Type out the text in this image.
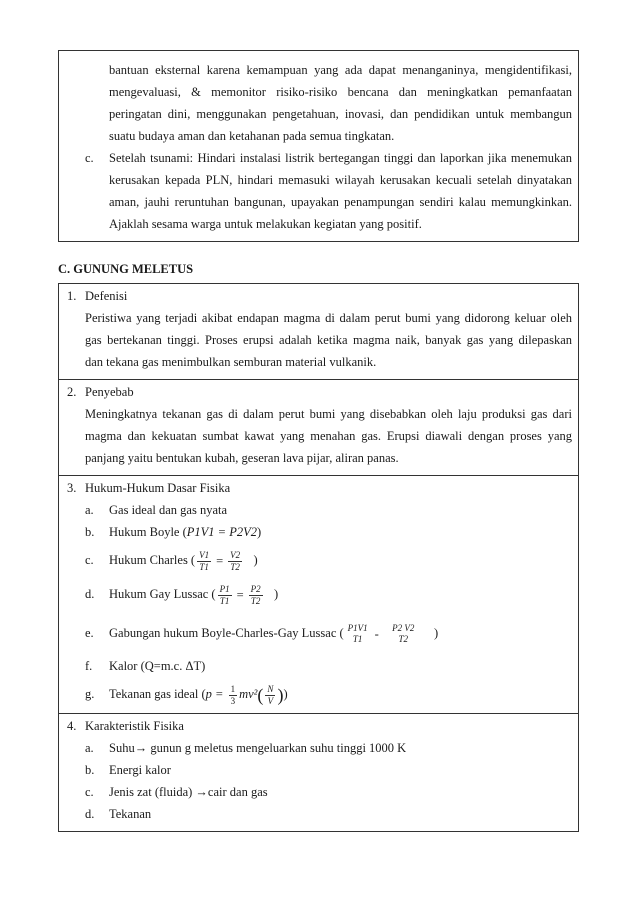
bantuan eksternal karena kemampuan yang ada dapat menanganinya, mengidentifikasi,
mengevaluasi, & memonitor risiko-risiko bencana dan meningkatkan pemanfaatan
peringatan dini, menggunakan pengetahuan, inovasi, dan pendidikan untuk membangun
suatu budaya aman dan ketahanan pada semua tingkatan.
c.	Setelah tsunami: Hindari instalasi listrik bertegangan tinggi dan laporkan jika menemukan
kerusakan kepada PLN, hindari memasuki wilayah kerusakan kecuali setelah dinyatakan
aman, jauhi reruntuhan bangunan, upayakan penampungan sendiri kalau memungkinkan.
Ajaklah sesama warga untuk melakukan kegiatan yang positif.
C. GUNUNG MELETUS
1. Defenisi
Peristiwa yang terjadi akibat endapan magma di dalam perut bumi yang didorong keluar oleh
gas bertekanan tinggi. Proses erupsi adalah ketika magma naik, banyak gas yang dilepaskan
dan tekana gas menimbulkan semburan material vulkanik.

2. Penyebab
Meningkatnya tekanan gas di dalam perut bumi yang disebabkan oleh laju produksi gas dari
magma dan kekuatan sumbat kawat yang menahan gas. Erupsi diawali dengan proses yang
panjang yaitu bentukan kubah, geseran lava pijar, aliran panas.

3. Hukum-Hukum Dasar Fisika
a. Gas ideal dan gas nyata
b. Hukum Boyle (P1V1 = P2V2)
c. Hukum Charles ( $\frac{V1}{T1} = \frac{V2}{T2}$ )
d. Hukum Gay Lussac ( $\frac{P1}{T1} = \frac{P2}{T2}$ )
e. Gabungan hukum Boyle-Charles-Gay Lussac ( P1V1
T1 - P2 V2
T2 )
f. Kalor (Q=m.c. ΔT)
g. Tekanan gas ideal ($p = \frac{1}{3} mv^2( \frac{N}{V}$ ))

4. Karakteristik Fisika
a. Suhu→ gunun g meletus mengeluarkan suhu tinggi 1000 K
b. Energi kalor
c. Jenis zat (fluida) →cair dan gas
d. Tekanan
